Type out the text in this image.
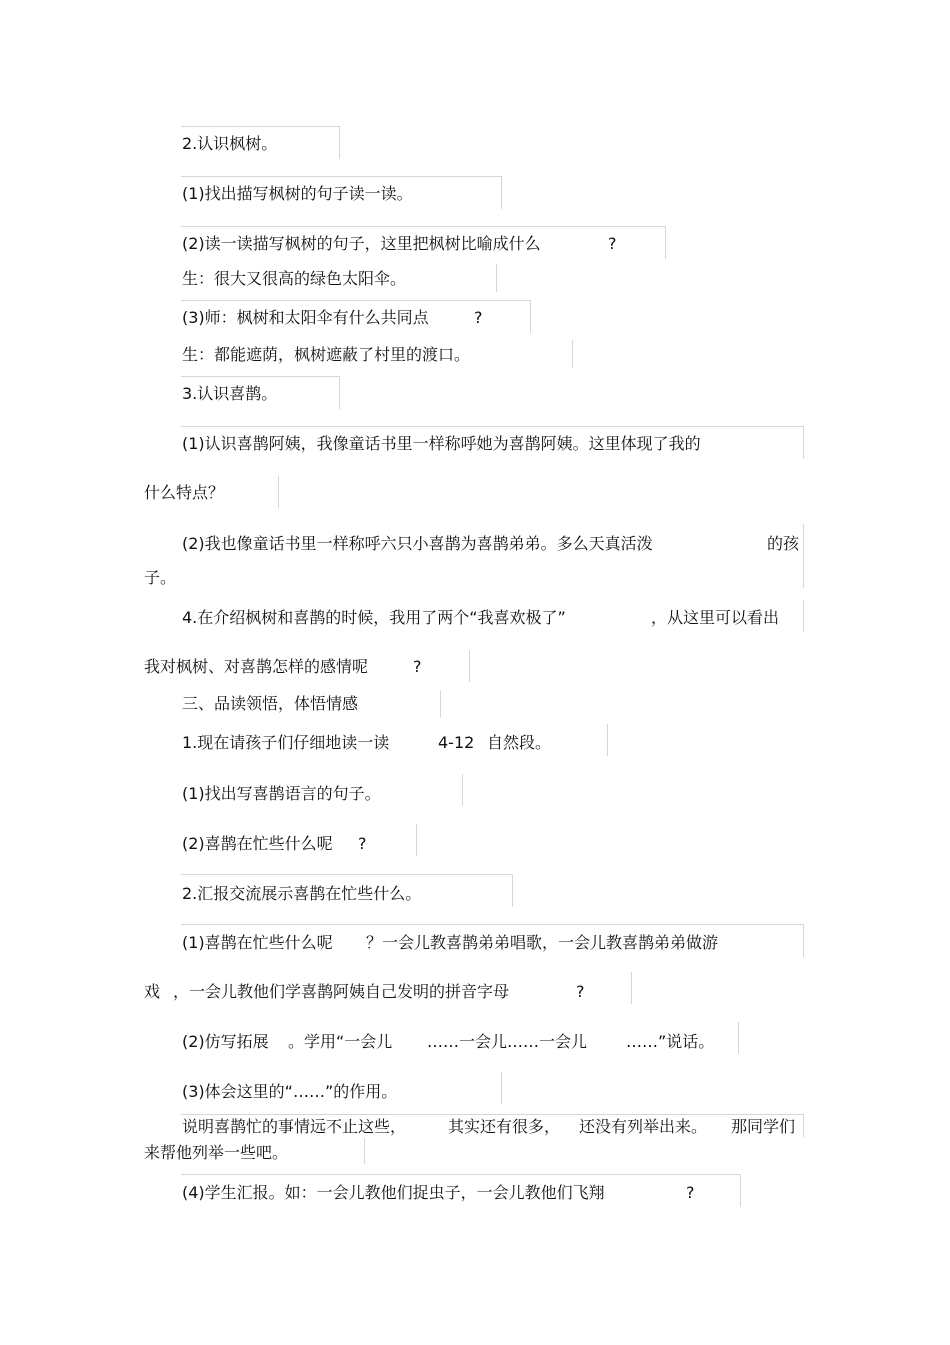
2.认识枫树。
(1)找出描写枫树的句子读一读。
(2)读一读描写枫树的句子，这里把枫树比喻成什么	?
生：很大又很高的绿色太阳伞。
(3)师：枫树和太阳伞有什么共同点	?
生：都能遮荫，枫树遮蔽了村里的渡口。
3.认识喜鹊。
(1)认识喜鹊阿姨，我像童话书里一样称呼她为喜鹊阿姨。这里体现了我的
什么特点？
(2)我也像童话书里一样称呼六只小喜鹊为喜鹊弟弟。多么天真活泼	的孩
子。
4.在介绍枫树和喜鹊的时候，我用了两个“我喜欢极了”	，从这里可以看出
我对枫树、对喜鹊怎样的感情呢	?
三、品读领悟，体悟情感
1.现在请孩子们仔细地读一读	4-12 自然段。
(1)找出写喜鹊语言的句子。
(2)喜鹊在忙些什么呢 ?
2.汇报交流展示喜鹊在忙些什么。
(1)喜鹊在忙些什么呢 ？一会儿教喜鹊弟弟唱歌，一会儿教喜鹊弟弟做游
戏 ，一会儿教他们学喜鹊阿姨自己发明的拼音字母	?
(2)仿写拓展 。学用“一会儿 ……一会儿……一会儿 ……”说话。
(3)体会这里的“……”的作用。
说明喜鹊忙的事情远不止这些，	其实还有很多， 还没有列举出来。 那同学们
来帮他列举一些吧。
(4)学生汇报。如：一会儿教他们捉虫子，一会儿教他们飞翔	?
